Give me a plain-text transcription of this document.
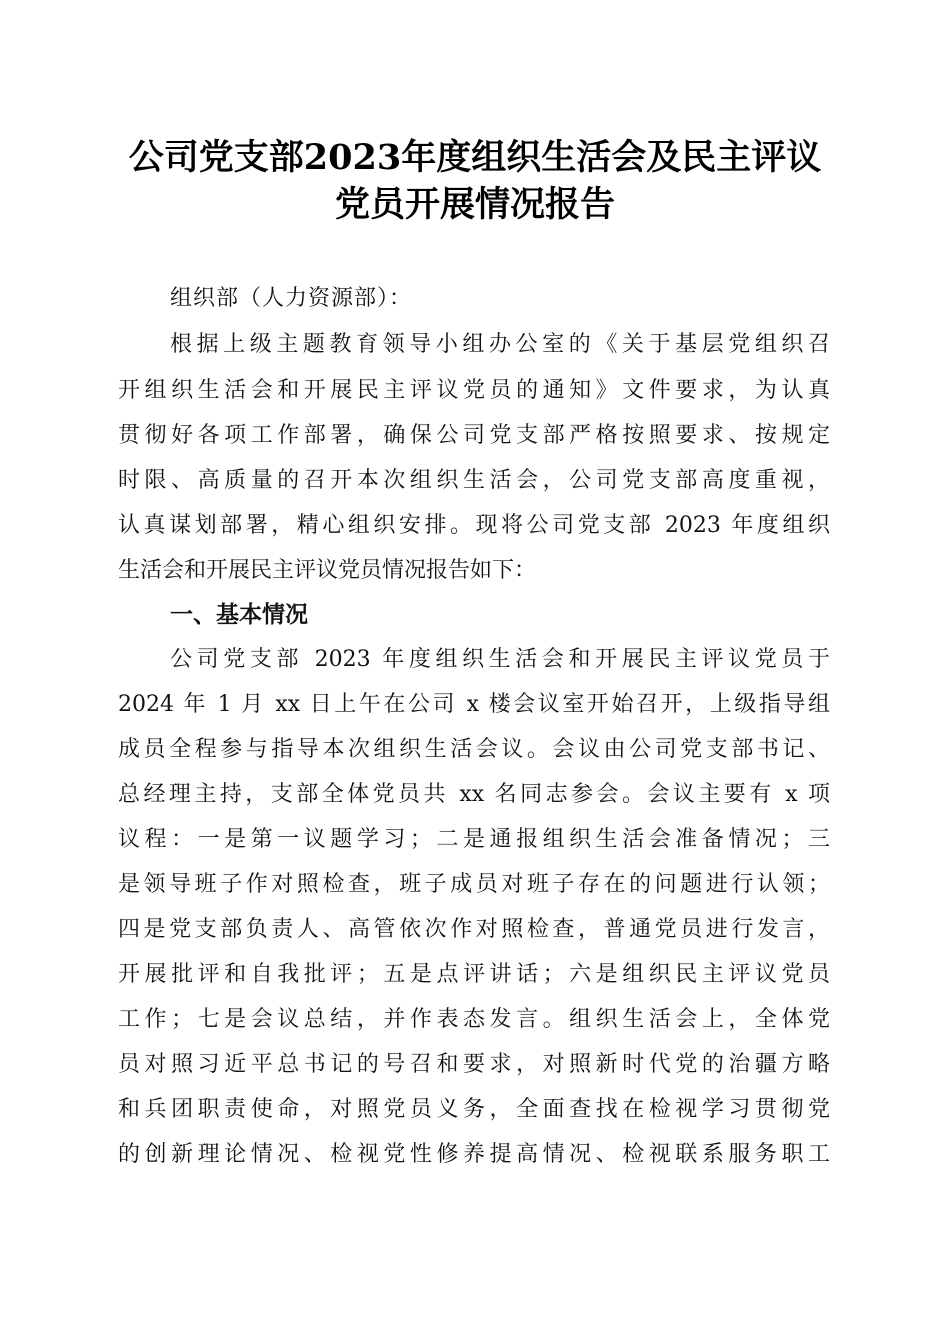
公司党支部2023年度组织生活会及民主评议
党员开展情况报告
组织部（人力资源部）：
根据上级主题教育领导小组办公室的《关于基层党组织召
开组织生活会和开展民主评议党员的通知》文件要求，为认真
贯彻好各项工作部署，确保公司党支部严格按照要求、按规定
时限、高质量的召开本次组织生活会，公司党支部高度重视，
认真谋划部署，精心组织安排。现将公司党支部 2023 年度组织
生活会和开展民主评议党员情况报告如下：
一、基本情况
公司党支部 2023 年度组织生活会和开展民主评议党员于
2024 年 1 月 xx 日上午在公司 x 楼会议室开始召开，上级指导组
成员全程参与指导本次组织生活会议。会议由公司党支部书记、
总经理主持，支部全体党员共 xx 名同志参会。会议主要有 x 项
议程：一是第一议题学习；二是通报组织生活会准备情况；三
是领导班子作对照检查，班子成员对班子存在的问题进行认领；
四是党支部负责人、高管依次作对照检查，普通党员进行发言，
开展批评和自我批评；五是点评讲话；六是组织民主评议党员
工作；七是会议总结，并作表态发言。组织生活会上，全体党
员对照习近平总书记的号召和要求，对照新时代党的治疆方略
和兵团职责使命，对照党员义务，全面查找在检视学习贯彻党
的创新理论情况、检视党性修养提高情况、检视联系服务职工
